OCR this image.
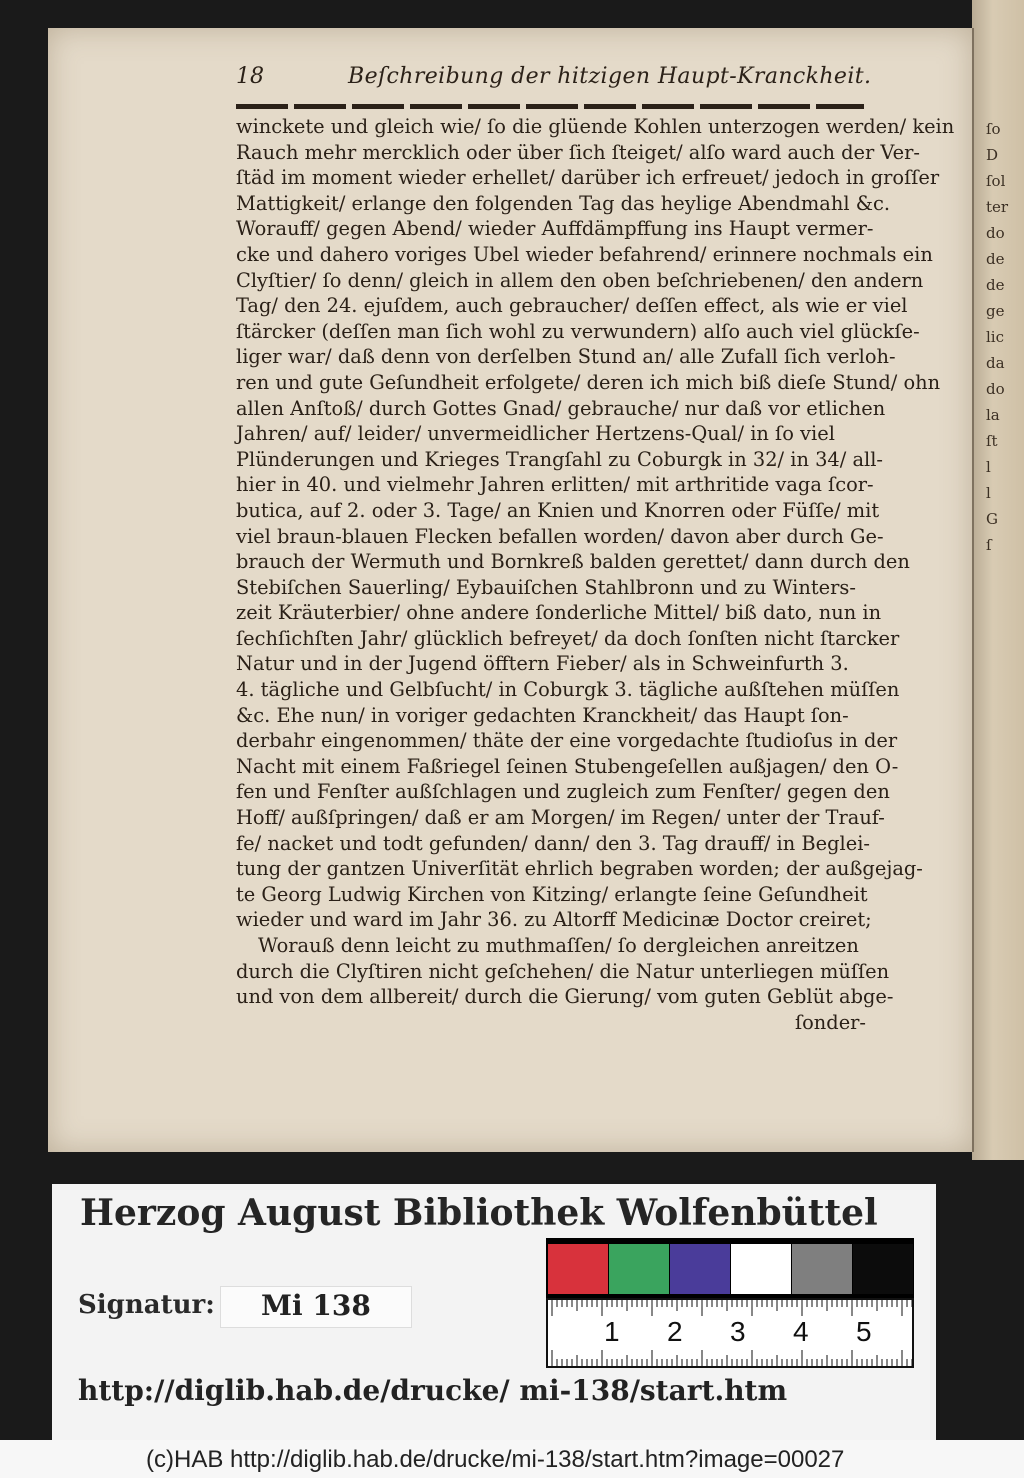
ſo
D
ſol
ter
do
de
de
ge
lic
da
do
la
ſt
l
l
G
ſ
18	Beſchreibung der hitzigen Haupt-Kranckheit.
winckete und gleich wie/ ſo die glüende Kohlen unterzogen werden/ kein
Rauch mehr mercklich oder über ſich ſteiget/ alſo ward auch der Ver-
ſtäd im moment wieder erhellet/ darüber ich erfreuet/ jedoch in groſſer
Mattigkeit/ erlange den folgenden Tag das heylige Abendmahl &c.
Worauff/ gegen Abend/ wieder Auffdämpffung ins Haupt vermer-
cke und dahero voriges Ubel wieder befahrend/ erinnere nochmals ein
Clyſtier/ ſo denn/ gleich in allem den oben beſchriebenen/ den andern
Tag/ den 24. ejuſdem, auch gebraucher/ deſſen effect, als wie er viel
ſtärcker (deſſen man ſich wohl zu verwundern) alſo auch viel glückſe-
liger war/ daß denn von derſelben Stund an/ alle Zufall ſich verloh-
ren und gute Geſundheit erfolgete/ deren ich mich biß dieſe Stund/ ohn
allen Anſtoß/ durch Gottes Gnad/ gebrauche/ nur daß vor etlichen
Jahren/ auf/ leider/ unvermeidlicher Hertzens-Qual/ in ſo viel
Plünderungen und Krieges Trangſahl zu Coburgk in 32/ in 34/ all-
hier in 40. und vielmehr Jahren erlitten/ mit arthritide vaga ſcor-
butica, auf 2. oder 3. Tage/ an Knien und Knorren oder Füſſe/ mit
viel braun-blauen Flecken befallen worden/ davon aber durch Ge-
brauch der Wermuth und Bornkreß balden gerettet/ dann durch den
Stebiſchen Sauerling/ Eybauiſchen Stahlbronn und zu Winters-
zeit Kräuterbier/ ohne andere ſonderliche Mittel/ biß dato, nun in
ſechſichſten Jahr/ glücklich befreyet/ da doch ſonſten nicht ſtarcker
Natur und in der Jugend öfftern Fieber/ als in Schweinfurth 3.
4. tägliche und Gelbſucht/ in Coburgk 3. tägliche außſtehen müſſen
&c. Ehe nun/ in voriger gedachten Kranckheit/ das Haupt ſon-
derbahr eingenommen/ thäte der eine vorgedachte ſtudioſus in der
Nacht mit einem Faßriegel ſeinen Stubengeſellen außjagen/ den O-
fen und Fenſter außſchlagen und zugleich zum Fenſter/ gegen den
Hoff/ außſpringen/ daß er am Morgen/ im Regen/ unter der Trauf-
fe/ nacket und todt gefunden/ dann/ den 3. Tag drauff/ in Beglei-
tung der gantzen Univerſität ehrlich begraben worden; der außgejag-
te Georg Ludwig Kirchen von Kitzing/ erlangte ſeine Geſundheit
wieder und ward im Jahr 36. zu Altorff Medicinæ Doctor creiret;
Worauß denn leicht zu muthmaſſen/ ſo dergleichen anreitzen
durch die Clyſtiren nicht geſchehen/ die Natur unterliegen müſſen
und von dem allbereit/ durch die Gierung/ vom guten Geblüt abge-
ſonder-
Herzog August Bibliothek Wolfenbüttel
Signatur: Mi 138
http://diglib.hab.de/drucke/ mi-138/start.htm
1 2 3 4 5
(c)HAB http://diglib.hab.de/drucke/mi-138/start.htm?image=00027
